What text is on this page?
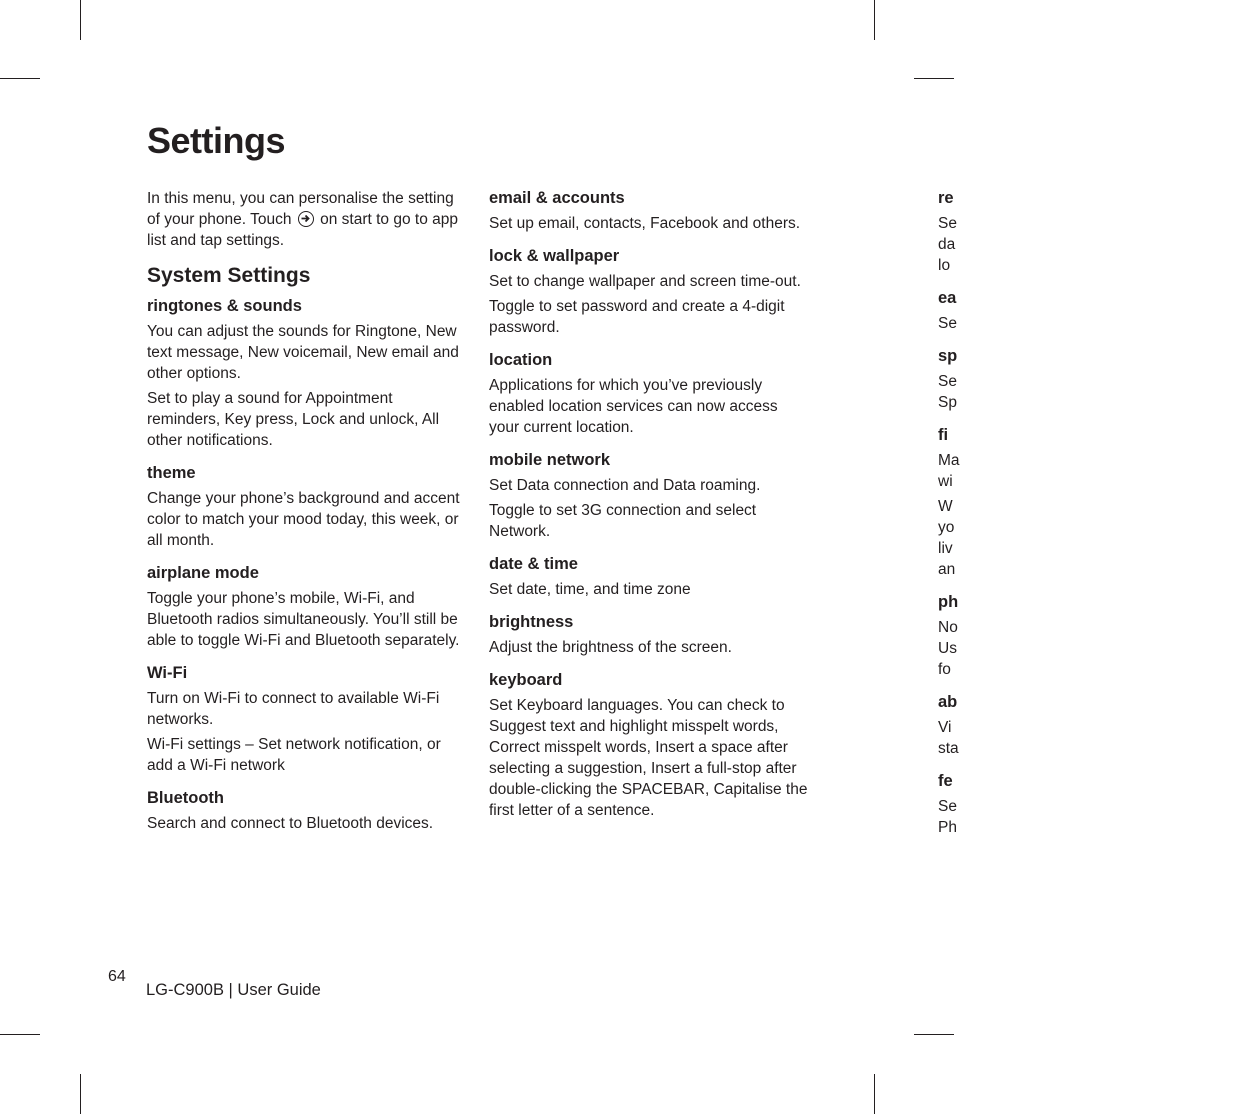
Settings

In this menu, you can personalise the setting of your phone. Touch on start to go to app list and tap settings.

System Settings

ringtones & sounds

You can adjust the sounds for Ringtone, New text message, New voicemail, New email and other options.

Set to play a sound for Appointment reminders, Key press, Lock and unlock, All other notifications.

theme

Change your phone’s background and accent color to match your mood today, this week, or all month.

airplane mode

Toggle your phone’s mobile, Wi-Fi, and Bluetooth radios simultaneously. You’ll still be able to toggle Wi-Fi and Bluetooth separately.

Wi-Fi

Turn on Wi-Fi to connect to available Wi-Fi networks.

Wi-Fi settings – Set network notification, or add a Wi-Fi network

Bluetooth

Search and connect to Bluetooth devices.

email & accounts

Set up email, contacts, Facebook and others.

lock & wallpaper

Set to change wallpaper and screen time-out.

Toggle to set password and create a 4-digit password.

location

Applications for which you’ve previously enabled location services can now access your current location.

mobile network

Set Data connection and Data roaming.

Toggle to set 3G connection and select Network.

date & time

Set date, time, and time zone

brightness

Adjust the brightness of the screen.

keyboard

Set Keyboard languages. You can check to Suggest text and highlight misspelt words, Correct misspelt words, Insert a space after selecting a suggestion, Insert a full-stop after double-clicking the SPACEBAR, Capitalise the first letter of a sentence.

re

Se
da
lo

ea

Se

sp

Se
Sp

fi

Ma
wi

W
yo
liv
an

ph

No
Us
fo

ab

Vi
sta

fe

Se
Ph

64
LG-C900B | User Guide
